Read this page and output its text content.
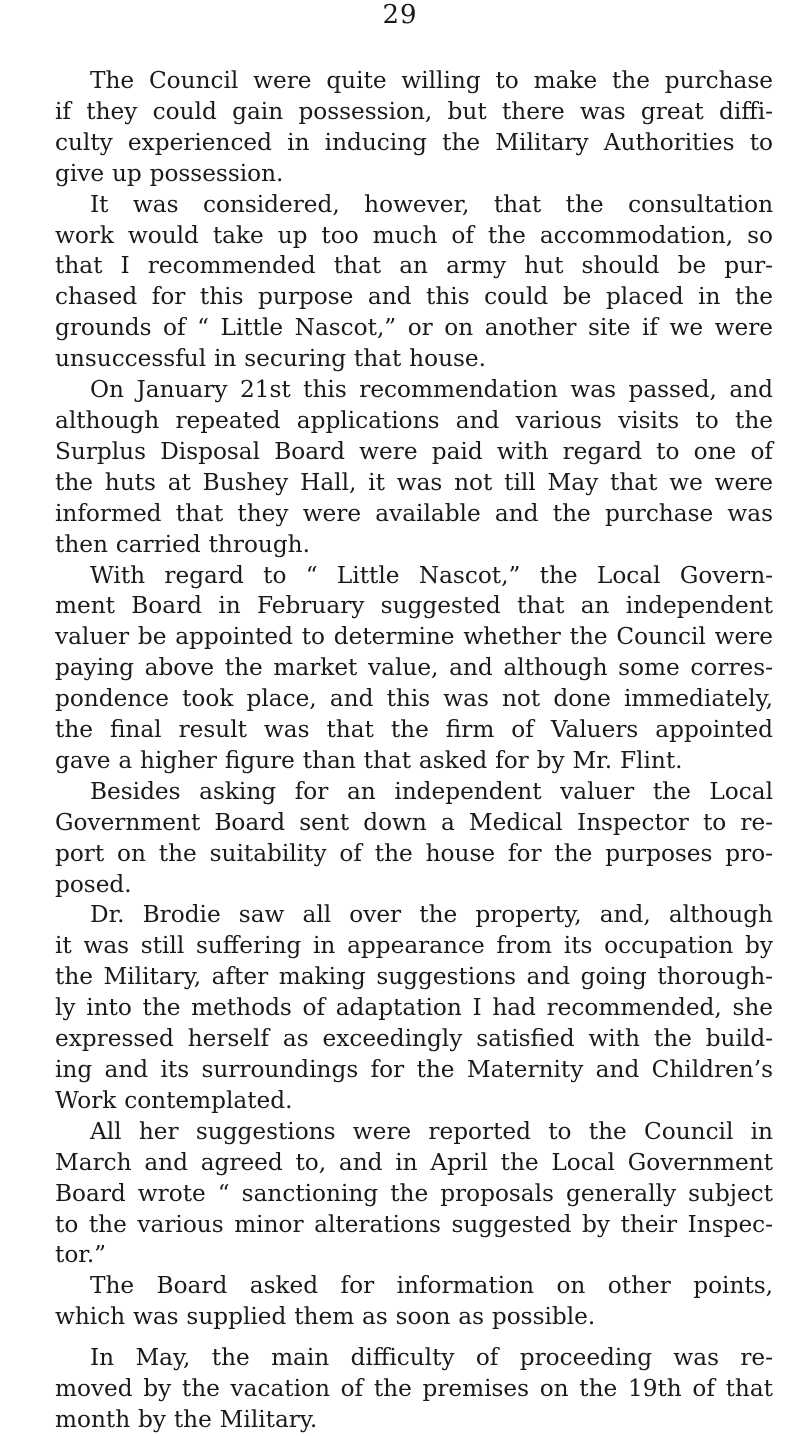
29

The Council were quite willing to make the purchase
if they could gain possession, but there was great diffi-
culty experienced in inducing the Military Authorities to
give up possession.

It was considered, however, that the consultation
work would take up too much of the accommodation, so
that I recommended that an army hut should be pur-
chased for this purpose and this could be placed in the
grounds of “ Little Nascot,” or on another site if we were
unsuccessful in securing that house.

On January 21st this recommendation was passed, and
although repeated applications and various visits to the
Surplus Disposal Board were paid with regard to one of
the huts at Bushey Hall, it was not till May that we were
informed that they were available and the purchase was
then carried through.

With regard to “ Little Nascot,” the Local Govern-
ment Board in February suggested that an independent
valuer be appointed to determine whether the Council were
paying above the market value, and although some corres-
pondence took place, and this was not done immediately,
the final result was that the firm of Valuers appointed
gave a higher figure than that asked for by Mr. Flint.

Besides asking for an independent valuer the Local
Government Board sent down a Medical Inspector to re-
port on the suitability of the house for the purposes pro-
posed.

Dr. Brodie saw all over the property, and, although
it was still suffering in appearance from its occupation by
the Military, after making suggestions and going thorough-
ly into the methods of adaptation I had recommended, she
expressed herself as exceedingly satisfied with the build-
ing and its surroundings for the Maternity and Children’s
Work contemplated.

All her suggestions were reported to the Council in
March and agreed to, and in April the Local Government
Board wrote “ sanctioning the proposals generally subject
to the various minor alterations suggested by their Inspec-
tor.”

The Board asked for information on other points,
which was supplied them as soon as possible.

In May, the main difficulty of proceeding was re-
moved by the vacation of the premises on the 19th of that
month by the Military.
